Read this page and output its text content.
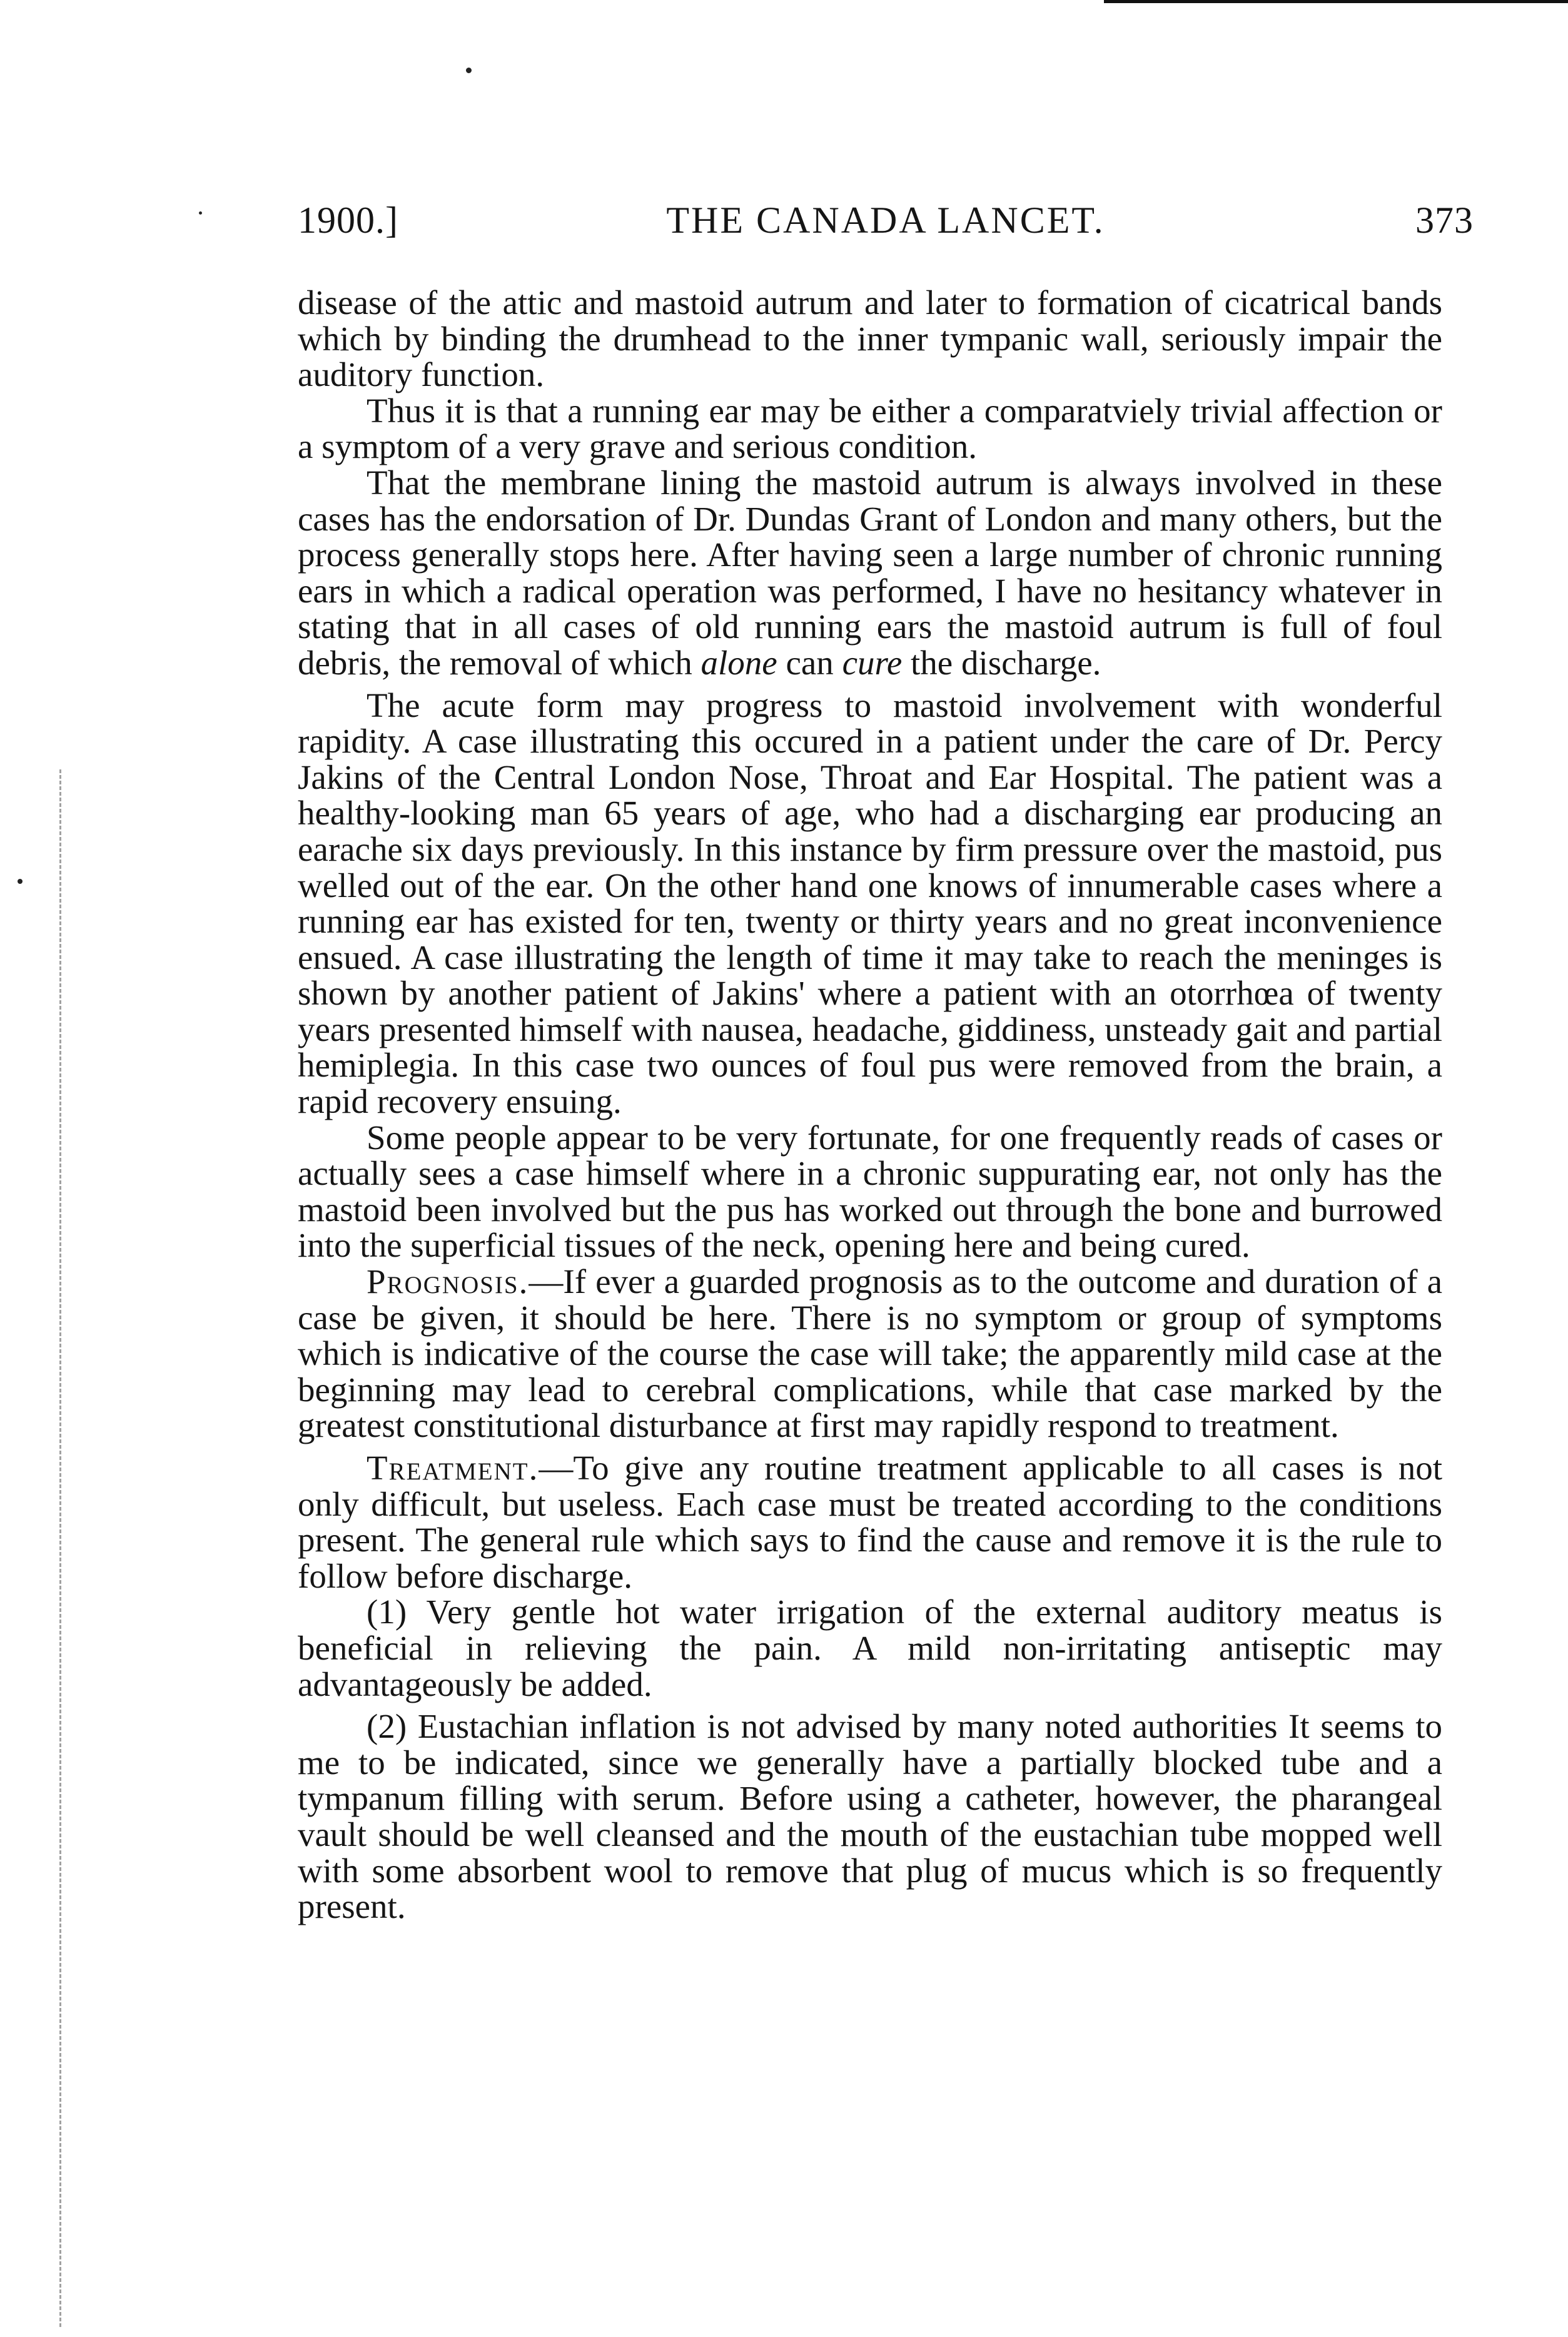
1900.]	THE CANADA LANCET.	373

disease of the attic and mastoid autrum and later to formation of cicatrical bands which by binding the drumhead to the inner tympanic wall, seriously impair the auditory function.

Thus it is that a running ear may be either a comparatviely trivial affection or a symptom of a very grave and serious condition.

That the membrane lining the mastoid autrum is always involved in these cases has the endorsation of Dr. Dundas Grant of London and many others, but the process generally stops here. After having seen a large number of chronic running ears in which a radical operation was performed, I have no hesitancy whatever in stating that in all cases of old running ears the mastoid autrum is full of foul debris, the removal of which alone can cure the discharge.

The acute form may progress to mastoid involvement with wonderful rapidity. A case illustrating this occured in a patient under the care of Dr. Percy Jakins of the Central London Nose, Throat and Ear Hospital. The patient was a healthy-looking man 65 years of age, who had a discharging ear producing an earache six days previously. In this instance by firm pressure over the mastoid, pus welled out of the ear. On the other hand one knows of innumerable cases where a running ear has existed for ten, twenty or thirty years and no great inconvenience ensued. A case illustrating the length of time it may take to reach the meninges is shown by another patient of Jakins' where a patient with an otorrhœa of twenty years presented himself with nausea, headache, giddiness, unsteady gait and partial hemiplegia. In this case two ounces of foul pus were removed from the brain, a rapid recovery ensuing.

Some people appear to be very fortunate, for one frequently reads of cases or actually sees a case himself where in a chronic suppurating ear, not only has the mastoid been involved but the pus has worked out through the bone and burrowed into the superficial tissues of the neck, opening here and being cured.

Prognosis.—If ever a guarded prognosis as to the outcome and duration of a case be given, it should be here. There is no symptom or group of symptoms which is indicative of the course the case will take; the apparently mild case at the beginning may lead to cerebral complications, while that case marked by the greatest constitutional disturbance at first may rapidly respond to treatment.

Treatment.—To give any routine treatment applicable to all cases is not only difficult, but useless. Each case must be treated according to the conditions present. The general rule which says to find the cause and remove it is the rule to follow before discharge.

(1) Very gentle hot water irrigation of the external auditory meatus is beneficial in relieving the pain. A mild non-irritating antiseptic may advantageously be added.

(2) Eustachian inflation is not advised by many noted authorities It seems to me to be indicated, since we generally have a partially blocked tube and a tympanum filling with serum. Before using a catheter, however, the pharangeal vault should be well cleansed and the mouth of the eustachian tube mopped well with some absorbent wool to remove that plug of mucus which is so frequently present.
